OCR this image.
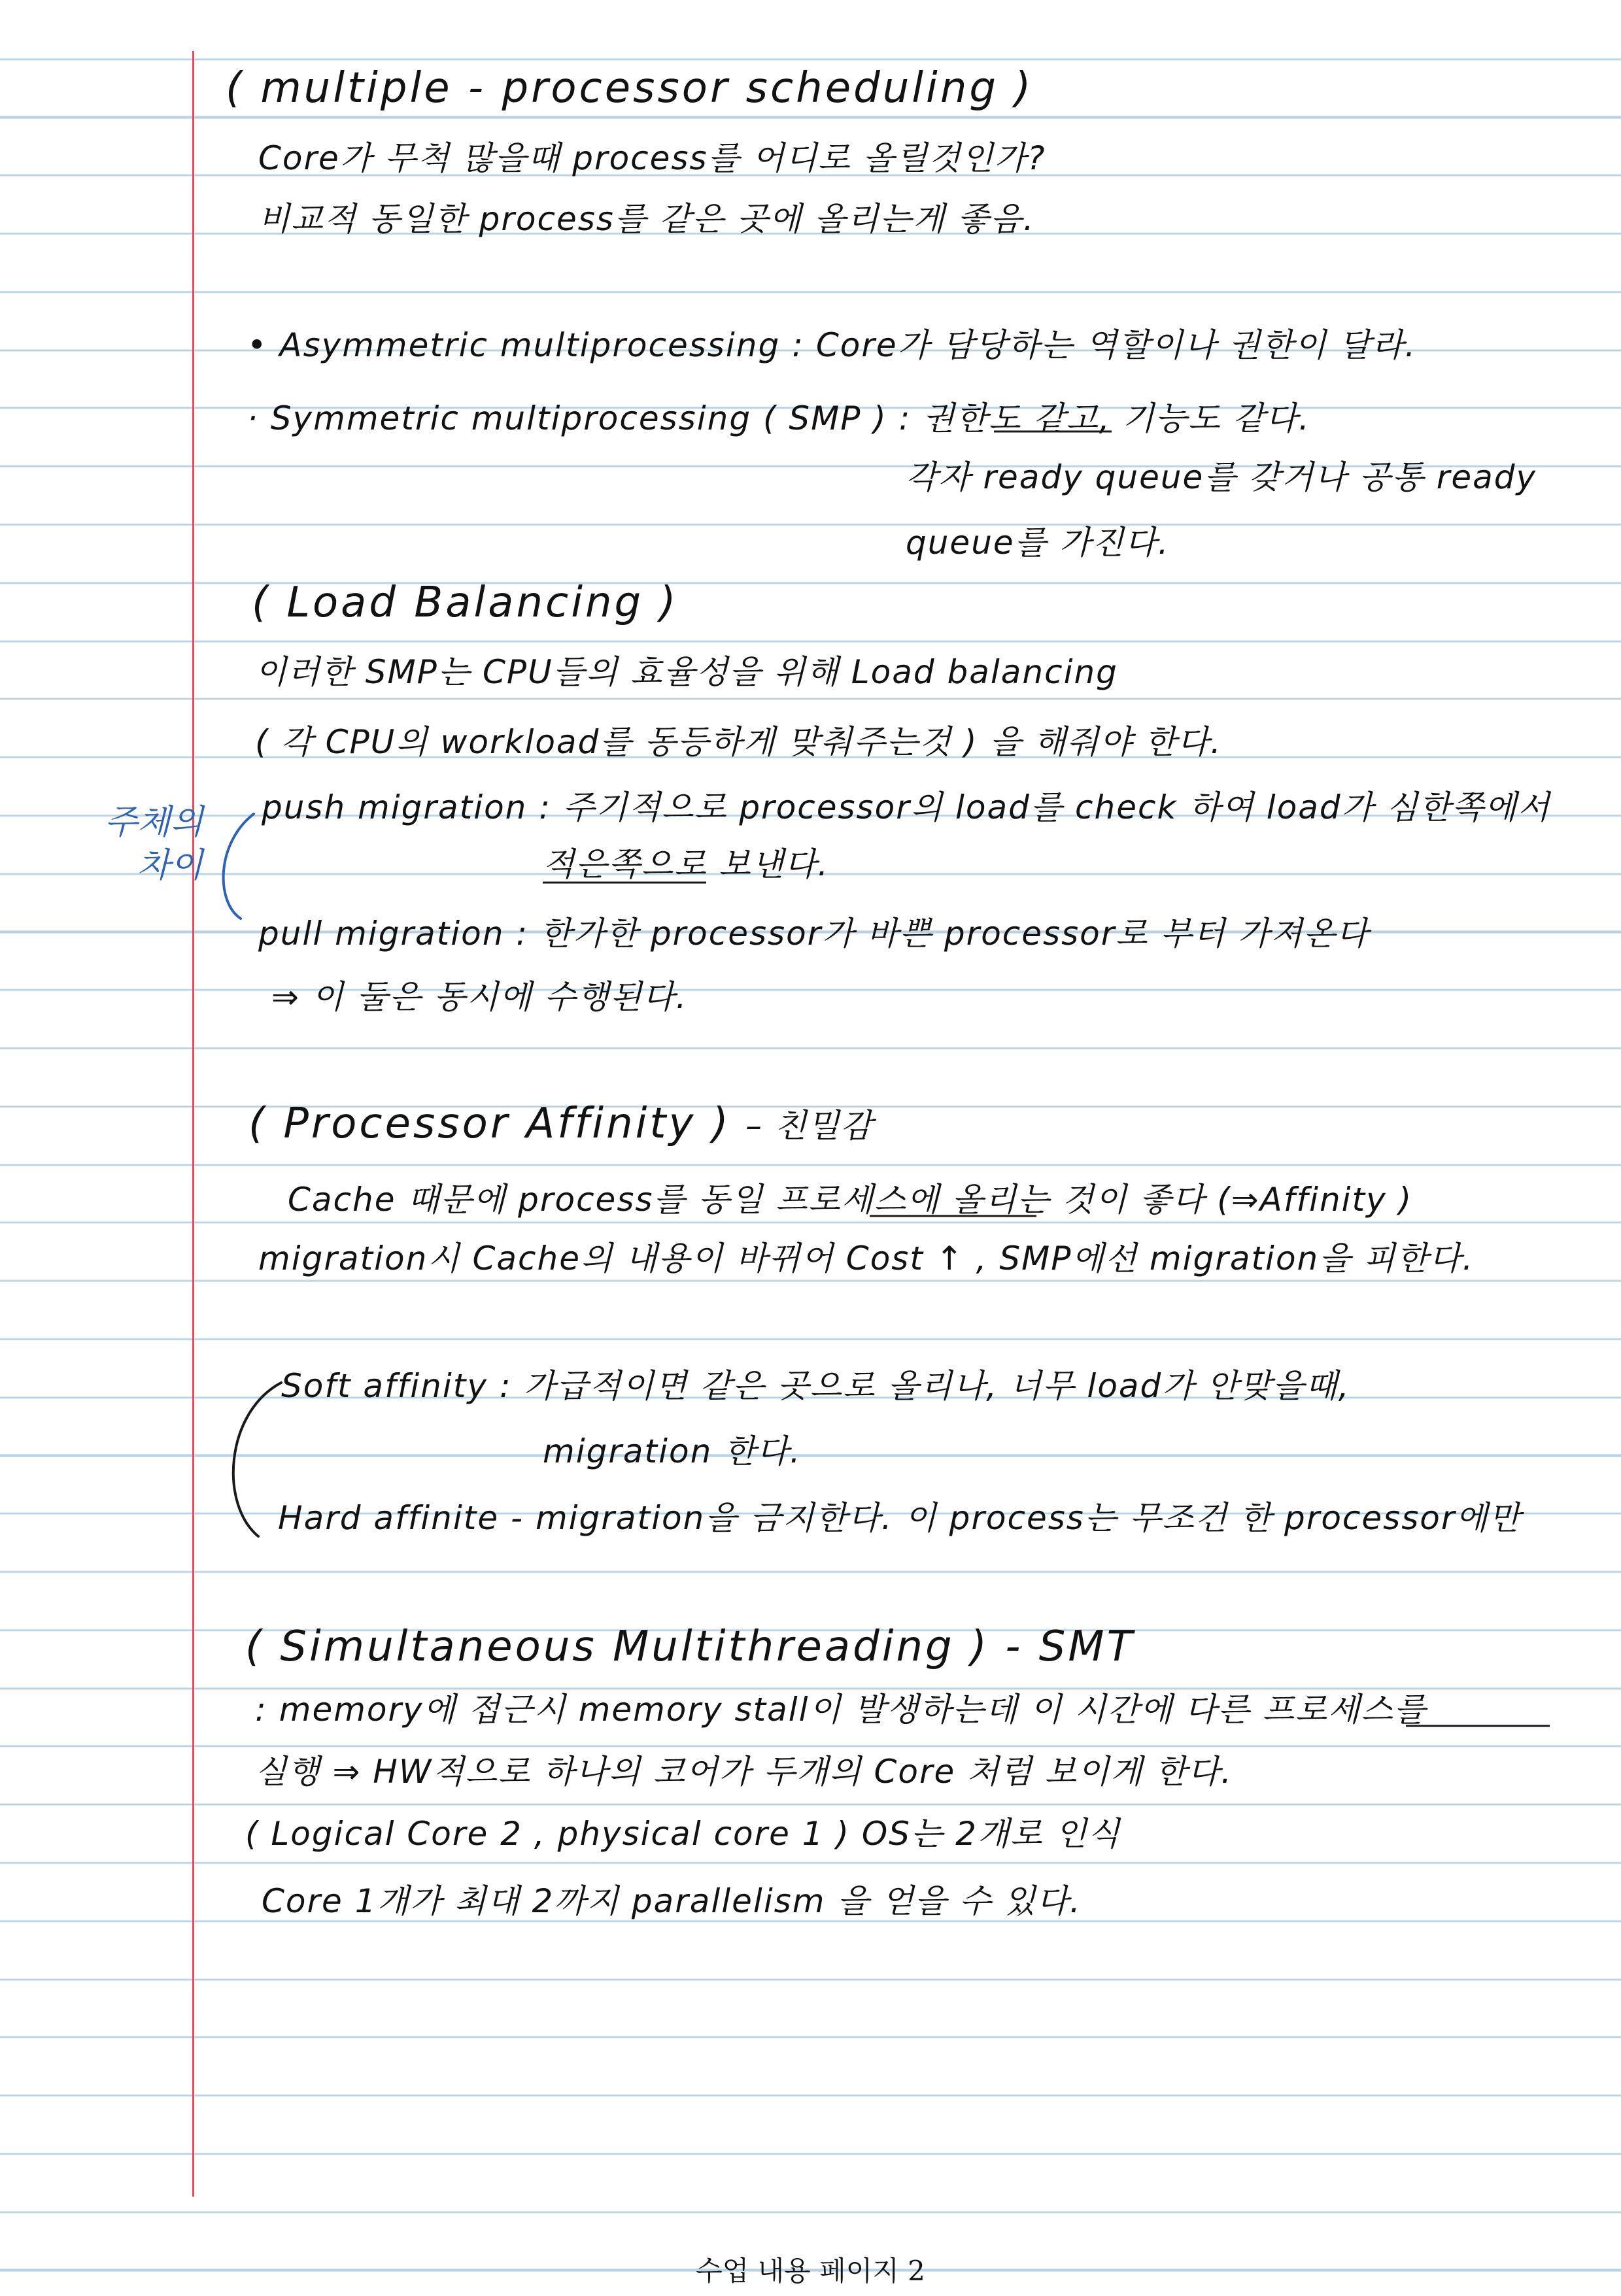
( multiple - processor scheduling )
Core가 무척 많을때 process를 어디로 올릴것인가?
비교적 동일한 process를 같은 곳에 올리는게 좋음.
• Asymmetric multiprocessing : Core가 담당하는 역할이나 권한이 달라.
· Symmetric multiprocessing ( SMP ) : 권한도 같고, 기능도 같다.
각자 ready queue를 갖거나 공통 ready
queue를 가진다.
( Load Balancing )
이러한 SMP는 CPU들의 효율성을 위해 Load balancing
( 각 CPU의 workload를 동등하게 맞춰주는것 ) 을 해줘야 한다.
push migration : 주기적으로 processor의 load를 check 하여 load가 심한쪽에서
적은쪽으로 보낸다.
pull migration : 한가한 processor가 바쁜 processor로 부터 가져온다
⇒ 이 둘은 동시에 수행된다.
주체의
차이
( Processor Affinity ) – 친밀감
Cache 때문에 process를 동일 프로세스에 올리는 것이 좋다 (⇒Affinity )
migration시 Cache의 내용이 바뀌어 Cost ↑ , SMP에선 migration을 피한다.
Soft affinity : 가급적이면 같은 곳으로 올리나, 너무 load가 안맞을때,
migration 한다.
Hard affinite - migration을 금지한다. 이 process는 무조건 한 processor에만
( Simultaneous Multithreading ) - SMT
: memory에 접근시 memory stall이 발생하는데 이 시간에 다른 프로세스를
실행 ⇒ HW적으로 하나의 코어가 두개의 Core 처럼 보이게 한다.
( Logical Core 2 , physical core 1 ) OS는 2개로 인식
Core 1개가 최대 2까지 parallelism 을 얻을 수 있다.
수업 내용 페이지 2
